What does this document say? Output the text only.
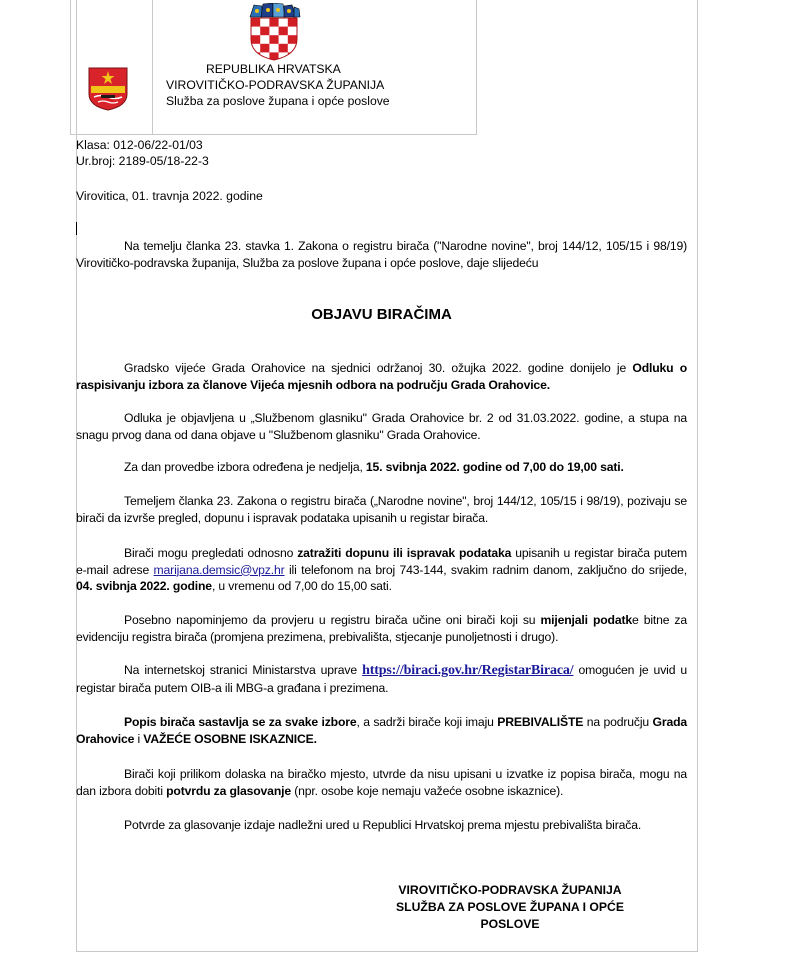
REPUBLIKA HRVATSKA
VIROVITIČKO-PODRAVSKA ŽUPANIJA
Služba za poslove župana i opće poslove
Klasa: 012-06/22-01/03
Ur.broj: 2189-05/18-22-3
Virovitica, 01. travnja 2022. godine

Na temelju članka 23. stavka 1. Zakona o registru birača ("Narodne novine", broj 144/12, 105/15 i 98/19) Virovitičko-podravska županija, Služba za poslove župana i opće poslove, daje slijedeću

OBJAVU BIRAČIMA

Gradsko vijeće Grada Orahovice na sjednici održanoj 30. ožujka 2022. godine donijelo je Odluku o raspisivanju izbora za članove Vijeća mjesnih odbora na području Grada Orahovice.

Odluka je objavljena u „Službenom glasniku" Grada Orahovice br. 2 od 31.03.2022. godine, a stupa na snagu prvog dana od dana objave u "Službenom glasniku" Grada Orahovice.

Za dan provedbe izbora određena je nedjelja, 15. svibnja 2022. godine od 7,00 do 19,00 sati.

Temeljem članka 23. Zakona o registru birača („Narodne novine", broj 144/12, 105/15 i 98/19), pozivaju se birači da izvrše pregled, dopunu i ispravak podataka upisanih u registar birača.

Birači mogu pregledati odnosno zatražiti dopunu ili ispravak podataka upisanih u registar birača putem e-mail adrese marijana.demsic@vpz.hr ili telefonom na broj 743-144, svakim radnim danom, zaključno do srijede, 04. svibnja 2022. godine, u vremenu od 7,00 do 15,00 sati.

Posebno napominjemo da provjeru u registru birača učine oni birači koji su mijenjali podatke bitne za evidenciju registra birača (promjena prezimena, prebivališta, stjecanje punoljetnosti i drugo).

Na internetskoj stranici Ministarstva uprave https://biraci.gov.hr/RegistarBiraca/ omogućen je uvid u registar birača putem OIB-a ili MBG-a građana i prezimena.

Popis birača sastavlja se za svake izbore, a sadrži birače koji imaju PREBIVALIŠTE na području Grada Orahovice i VAŽEĆE OSOBNE ISKAZNICE.

Birači koji prilikom dolaska na biračko mjesto, utvrde da nisu upisani u izvatke iz popisa birača, mogu na dan izbora dobiti potvrdu za glasovanje (npr. osobe koje nemaju važeće osobne iskaznice).

Potvrde za glasovanje izdaje nadležni ured u Republici Hrvatskoj prema mjestu prebivališta birača.

VIROVITIČKO-PODRAVSKA ŽUPANIJA
SLUŽBA ZA POSLOVE ŽUPANA I OPĆE POSLOVE
